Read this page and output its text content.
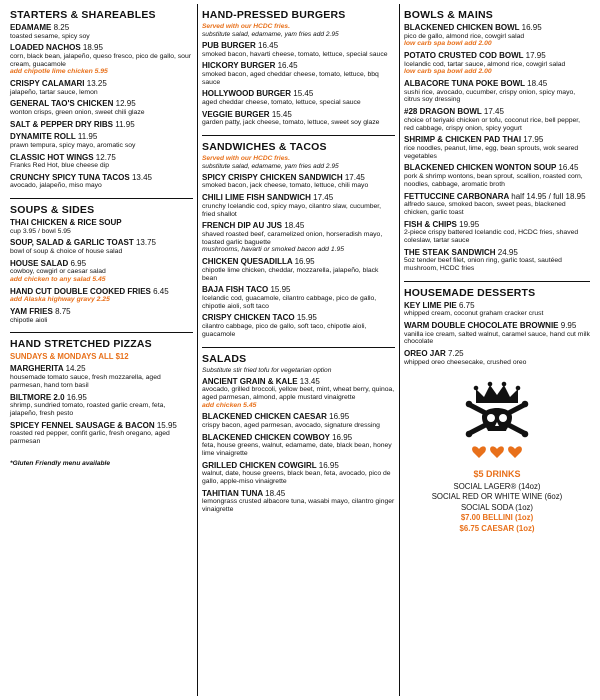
STARTERS & SHAREABLES
EDAMAME 8.25
toasted sesame, spicy soy
LOADED NACHOS 18.95
corn, black bean, jalapeño, queso fresco, pico de gallo, sour cream, guacamole
add chipotle lime chicken 5.95
CRISPY CALAMARI 13.25
jalapeño, tartar sauce, lemon
GENERAL TAO'S CHICKEN 12.95
wonton crisps, green onion, sweet chili glaze
SALT & PEPPER DRY RIBS 11.95
DYNAMITE ROLL 11.95
prawn tempura, spicy mayo, aromatic soy
CLASSIC HOT WINGS 12.75
Franks Red Hot, blue cheese dip
CRUNCHY SPICY TUNA TACOS 13.45
avocado, jalapeño, miso mayo
SOUPS & SIDES
THAI CHICKEN & RICE SOUP
cup 3.95 / bowl 5.95
SOUP, SALAD & GARLIC TOAST 13.75
bowl of soup & choice of house salad
HOUSE SALAD 6.95
cowboy, cowgirl or caesar salad
add chicken to any salad 5.45
HAND CUT DOUBLE COOKED FRIES 6.45
add Alaska highway gravy 2.25
YAM FRIES 8.75
chipotle aioli
HAND STRETCHED PIZZAS
SUNDAYS & MONDAYS ALL $12
MARGHERITA 14.25
housemade tomato sauce, fresh mozzarella, aged parmesan, hand torn basil
BILTMORE 2.0 16.95
shrimp, sundried tomato, roasted garlic cream, feta, jalapeño, fresh pesto
SPICEY FENNEL SAUSAGE & BACON 15.95
roasted red pepper, confit garlic, fresh oregano, aged parmesan
*Gluten Friendly menu available
HAND-PRESSED BURGERS
Served with our HCDC fries.
substitute salad, edamame, yam fries add 2.95
PUB BURGER 16.45
smoked bacon, havarti cheese, tomato, lettuce, special sauce
HICKORY BURGER 16.45
smoked bacon, aged cheddar cheese, tomato, lettuce, bbq sauce
HOLLYWOOD BURGER 15.45
aged cheddar cheese, tomato, lettuce, special sauce
VEGGIE BURGER 15.45
garden patty, jack cheese, tomato, lettuce, sweet soy glaze
SANDWICHES & TACOS
Served with our HCDC fries.
substitute salad, edamame, yam fries add 2.95
SPICY CRISPY CHICKEN SANDWICH 17.45
smoked bacon, jack cheese, tomato, lettuce, chili mayo
CHILI LIME FISH SANDWICH 17.45
crunchy Icelandic cod, spicy mayo, cilantro slaw, cucumber, fried shallot
FRENCH DIP AU JUS 18.45
shaved roasted beef, caramelized onion, horseradish mayo, toasted garlic baguette
mushrooms, havarti or smoked bacon add 1.95
CHICKEN QUESADILLA 16.95
chipotle lime chicken, cheddar, mozzarella, jalapeño, black bean
BAJA FISH TACO 15.95
Icelandic cod, guacamole, cilantro cabbage, pico de gallo, chipotle aioli, soft taco
CRISPY CHICKEN TACO 15.95
cilantro cabbage, pico de gallo, soft taco, chipotle aioli, guacamole
SALADS
Substitute stir fried tofu for vegetarian option
ANCIENT GRAIN & KALE 13.45
avocado, grilled broccoli, yellow beet, mint, wheat berry, quinoa, aged parmesan, almond, apple mustard vinaigrette
add chicken 5.45
BLACKENED CHICKEN CAESAR 16.95
crispy bacon, aged parmesan, avocado, signature dressing
BLACKENED CHICKEN COWBOY 16.95
feta, house greens, walnut, edamame, date, black bean, honey lime vinaigrette
GRILLED CHICKEN COWGIRL 16.95
walnut, date, house greens, black bean, feta, avocado, pico de gallo, apple-miso vinaigrette
TAHITIAN TUNA 18.45
lemongrass crusted albacore tuna, wasabi mayo, cilantro ginger vinaigrette
BOWLS & MAINS
BLACKENED CHICKEN BOWL 16.95
pico de gallo, almond rice, cowgirl salad
low carb spa bowl add 2.00
POTATO CRUSTED COD BOWL 17.95
Icelandic cod, tartar sauce, almond rice, cowgirl salad
low carb spa bowl add 2.00
ALBACORE TUNA POKE BOWL 18.45
sushi rice, avocado, cucumber, crispy onion, spicy mayo, citrus soy dressing
#28 DRAGON BOWL 17.45
choice of teriyaki chicken or tofu, coconut rice, bell pepper, red cabbage, crispy onion, spicy yogurt
SHRIMP & CHICKEN PAD THAI 17.95
rice noodles, peanut, lime, egg, bean sprouts, wok seared vegetables
BLACKENED CHICKEN WONTON SOUP 16.45
pork & shrimp wontons, bean sprout, scallion, roasted corn, noodles, cabbage, aromatic broth
FETTUCCINE CARBONARA half 14.95 / full 18.95
alfredo sauce, smoked bacon, sweet peas, blackened chicken, garlic toast
FISH & CHIPS 19.95
2-piece crispy battered Icelandic cod, HCDC fries, shaved coleslaw, tartar sauce
THE STEAK SANDWICH 24.95
5oz tender beef filet, onion ring, garlic toast, sautéed mushroom, HCDC fries
HOUSEMADE DESSERTS
KEY LIME PIE 6.75
whipped cream, coconut graham cracker crust
WARM DOUBLE CHOCOLATE BROWNIE 9.95
vanilla ice cream, salted walnut, caramel sauce, hand cut milk chocolate
OREO JAR 7.25
whipped oreo cheesecake, crushed oreo
$5 DRINKS
SOCIAL LAGER® (14oz)
SOCIAL RED OR WHITE WINE (6oz)
SOCIAL SODA (1oz)
$7.00 BELLINI (1oz)
$6.75 CAESAR (1oz)
